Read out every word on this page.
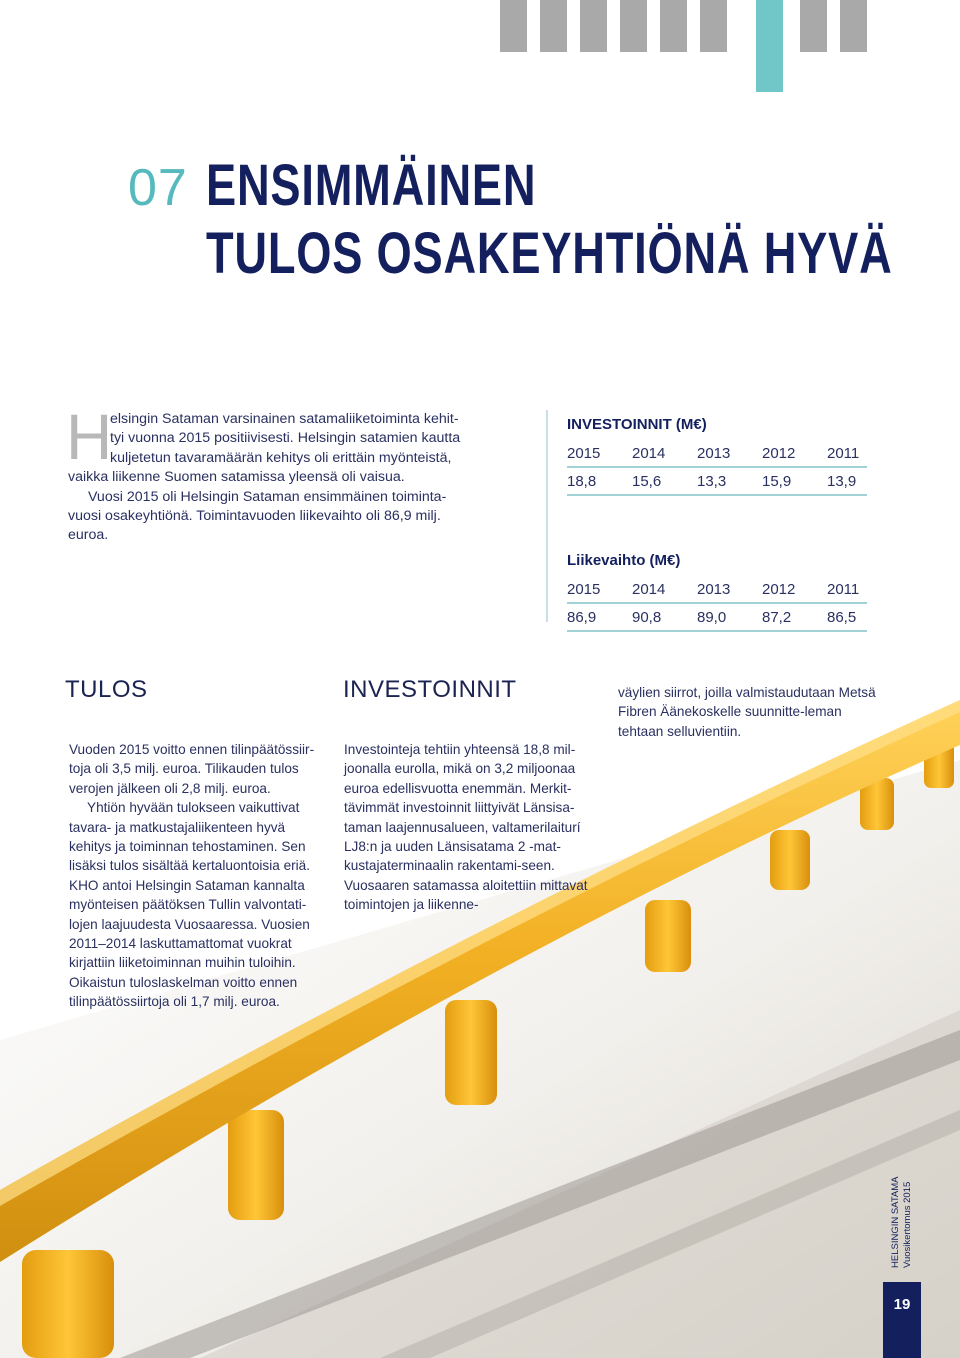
07 ENSIMMÄINEN
TULOS OSAKEYHTIÖNÄ HYVÄ
H

elsingin Sataman varsinainen satamaliiketoiminta kehit-
tyi vuonna 2015 positiivisesti. Helsingin satamien kautta
kuljetetun tavaramäärän kehitys oli erittäin myönteistä,
vaikka liikenne Suomen satamissa yleensä oli vaisua.

Vuosi 2015 oli Helsingin Sataman ensimmäinen toiminta-vuosi osakeyhtiönä. Toimintavuoden liikevaihto oli 86,9 milj. euroa.

INVESTOINNIT (M€)
2015 2014 2013 2012 2011
18,8 15,6 13,3 15,9 13,9
Liikevaihto (M€)
2015 2014 2013 2012 2011
86,9 90,8 89,0 87,2 86,5
TULOS	INVESTOINNIT

Vuoden 2015 voitto ennen tilinpäätössiir-toja oli 3,5 milj. euroa. Tilikauden tulos verojen jälkeen oli 2,8 milj. euroa.

Yhtiön hyvään tulokseen vaikuttivat tavara- ja matkustajaliikenteen hyvä kehitys ja toiminnan tehostaminen. Sen lisäksi tulos sisältää kertaluontoisia eriä. KHO antoi Helsingin Sataman kannalta myönteisen päätöksen Tullin valvontati-lojen laajuudesta Vuosaaressa. Vuosien 2011–2014 laskuttamattomat vuokrat kirjattiin liiketoiminnan muihin tuloihin. Oikaistun tuloslaskelman voitto ennen tilinpäätössiirtoja oli 1,7 milj. euroa.

Investointeja tehtiin yhteensä 18,8 mil-joonalla eurolla, mikä on 3,2 miljoonaa euroa edellisvuotta enemmän. Merkit-tävimmät investoinnit liittyivät Länsisa-taman laajennusalueen, valtamerilaiturí LJ8:n ja uuden Länsisatama 2 -mat-kustajaterminaalin rakentami-seen. Vuosaaren satamassa aloitettiin mittavat toimintojen ja liikenne-

väylien siirrot, joilla valmistaudutaan Metsä Fibren Äänekoskelle suunnitte-leman tehtaan selluvientiin.

HELSINGIN SATAMA Vuosikertomus 2015
19
